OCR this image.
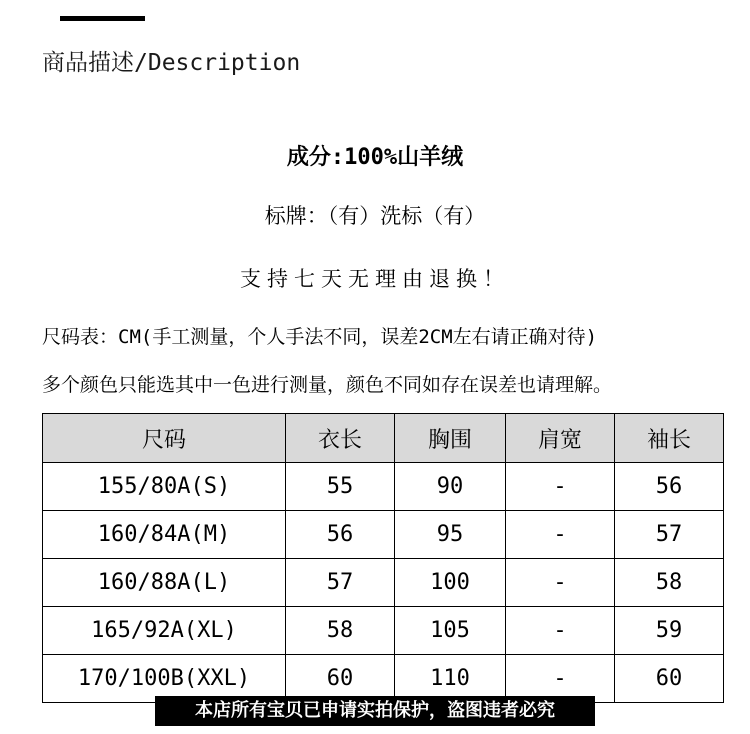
商品描述/Description
成分:100%山羊绒
标牌：（有）洗标（有）
支持七天无理由退换！
尺码表：CM(手工测量，个人手法不同，误差2CM左右请正确对待)
多个颜色只能选其中一色进行测量，颜色不同如存在误差也请理解。
尺码	衣长	胸围	肩宽	袖长
155/80A(S)	55	90	-	56
160/84A(M)	56	95	-	57
160/88A(L)	57	100	-	58
165/92A(XL)	58	105	-	59
170/100B(XXL)	60	110	-	60
本店所有宝贝已申请实拍保护，盗图违者必究
